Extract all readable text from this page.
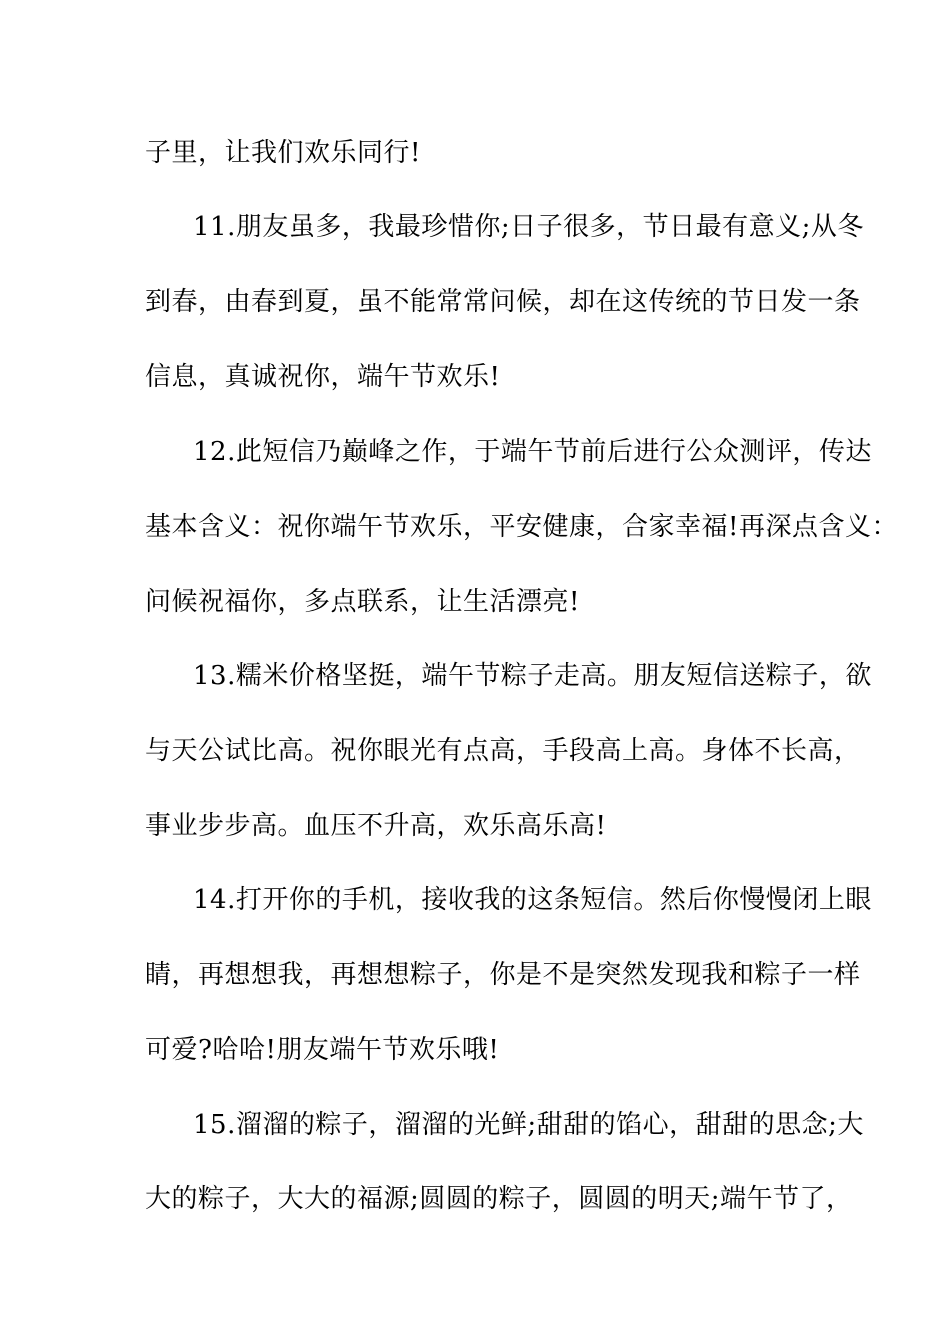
子里，让我们欢乐同行!
11.朋友虽多，我最珍惜你;日子很多，节日最有意义;从冬
到春，由春到夏，虽不能常常问候，却在这传统的节日发一条
信息，真诚祝你，端午节欢乐!
12.此短信乃巅峰之作，于端午节前后进行公众测评，传达
基本含义：祝你端午节欢乐，平安健康，合家幸福!再深点含义：
问候祝福你，多点联系，让生活漂亮!
13.糯米价格坚挺，端午节粽子走高。朋友短信送粽子，欲
与天公试比高。祝你眼光有点高，手段高上高。身体不长高，
事业步步高。血压不升高，欢乐高乐高!
14.打开你的手机，接收我的这条短信。然后你慢慢闭上眼
睛，再想想我，再想想粽子，你是不是突然发现我和粽子一样
可爱?哈哈!朋友端午节欢乐哦!
15.溜溜的粽子，溜溜的光鲜;甜甜的馅心，甜甜的思念;大
大的粽子，大大的福源;圆圆的粽子，圆圆的明天;端午节了，
